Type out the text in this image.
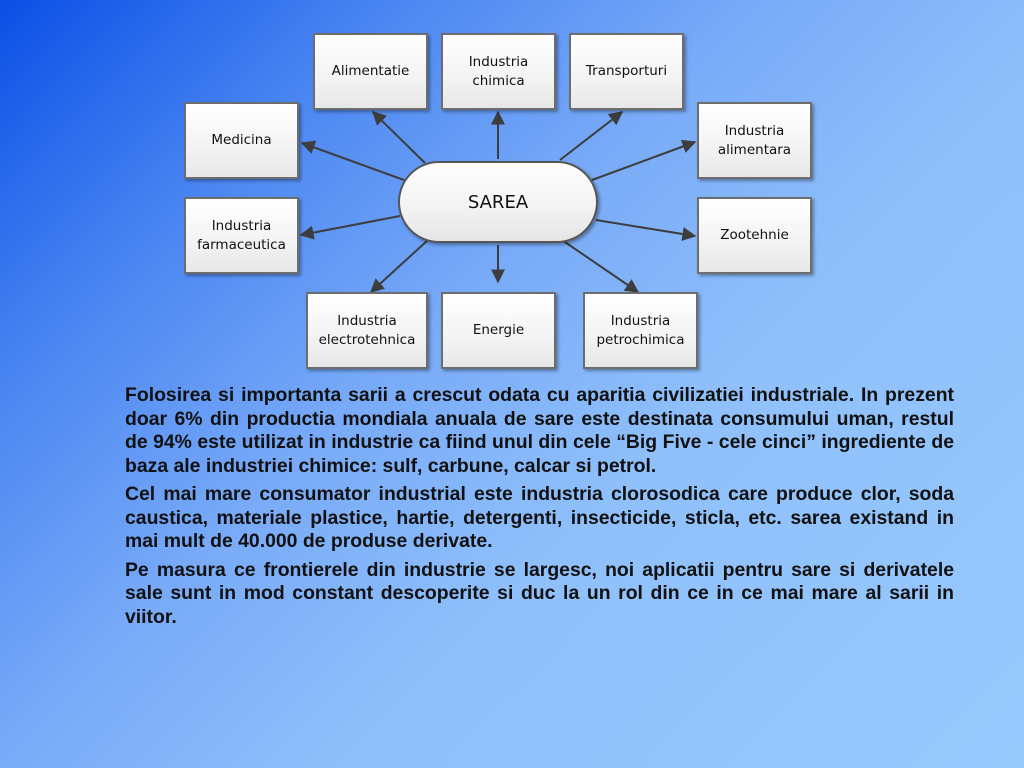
SAREA
Alimentatie
Industria
chimica
Transporturi
Medicina
Industria
alimentara
Industria
farmaceutica
Zootehnie
Industria
electrotehnica
Energie
Industria
petrochimica

Folosirea si importanta sarii a crescut odata cu aparitia civilizatiei industriale. In prezent doar 6% din productia mondiala anuala de sare este destinata consumului uman, restul de 94% este utilizat in industrie ca fiind unul din cele “Big Five - cele cinci” ingrediente de baza ale industriei chimice: sulf, carbune, calcar si petrol.

Cel mai mare consumator industrial este industria clorosodica care produce clor, soda caustica, materiale plastice, hartie, detergenti, insecticide, sticla, etc. sarea existand in mai mult de 40.000 de produse derivate.

Pe masura ce frontierele din industrie se largesc, noi aplicatii pentru sare si derivatele sale sunt in mod constant descoperite si duc la un rol din ce in ce mai mare al sarii in viitor.
